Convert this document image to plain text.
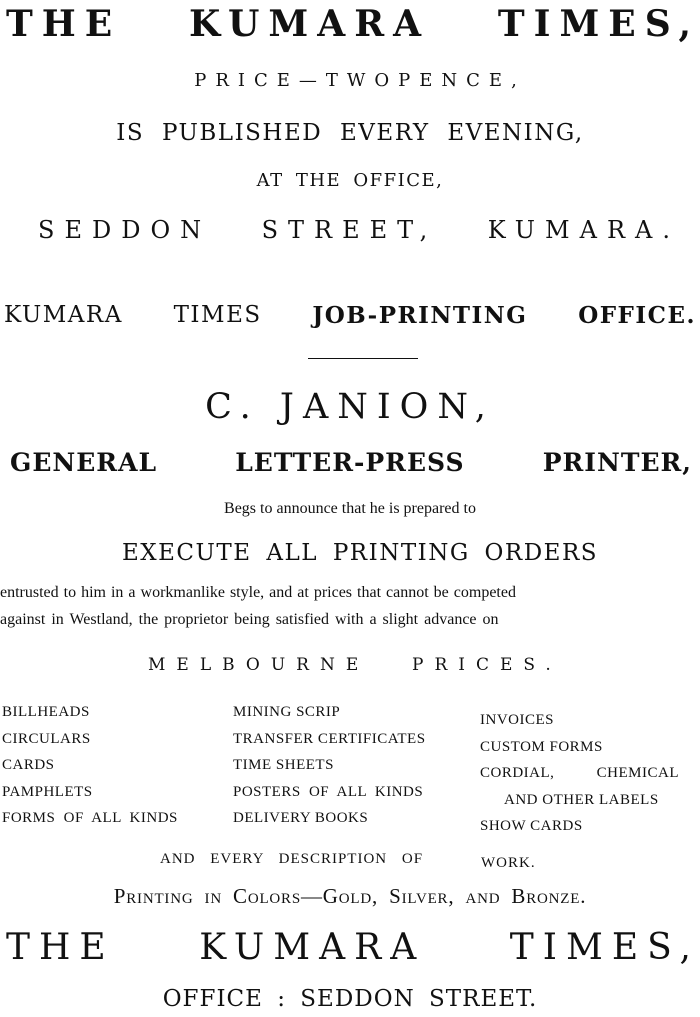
THE KUMARA TIMES,
PRICE—TWOPENCE,
IS PUBLISHED EVERY EVENING,
AT THE OFFICE,
SEDDON STREET, KUMARA.
KUMARA TIMES JOB-PRINTING OFFICE.
C. JANION,
GENERAL	LETTER-PRESS	PRINTER,
Begs to announce that he is prepared to
EXECUTE ALL PRINTING ORDERS
entrusted to him in a workmanlike style, and at prices that cannot be competed
against in Westland, the proprietor being satisfied with a slight advance on
MELBOURNE	PRICES.
BILLHEADS
CIRCULARS
CARDS
PAMPHLETS
FORMS OF ALL KINDS
MINING SCRIP
TRANSFER CERTIFICATES
TIME SHEETS
POSTERS OF ALL KINDS
DELIVERY BOOKS
INVOICES
CUSTOM FORMS
CORDIAL, CHEMICAL
AND OTHER LABELS
SHOW CARDS
AND EVERY DESCRIPTION OF	WORK.
Printing in Colors—Gold, Silver, and Bronze.
THE KUMARA TIMES,
OFFICE : SEDDON STREET.
